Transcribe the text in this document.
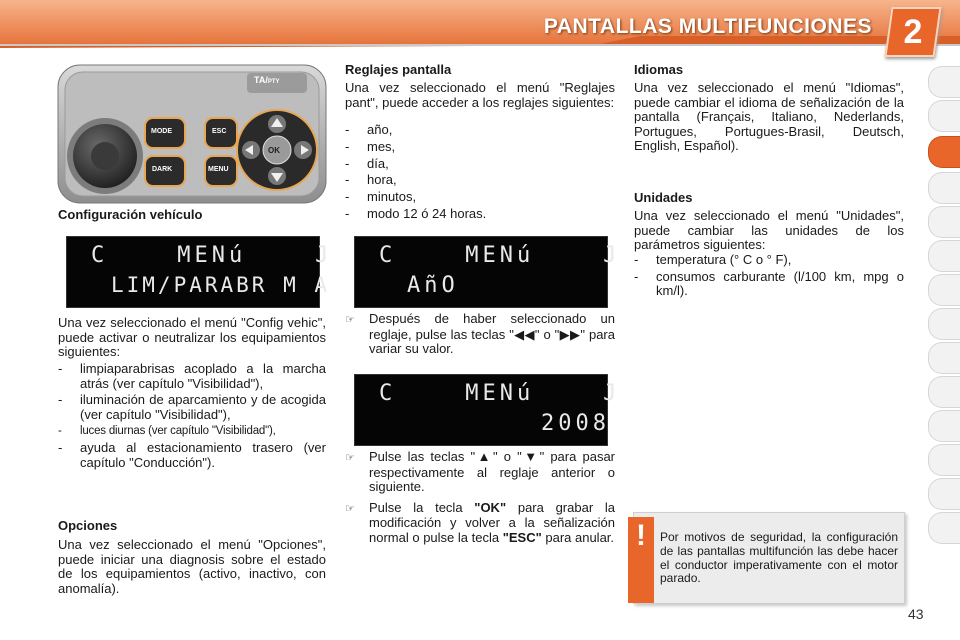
PANTALLAS MULTIFUNCIONES 2
TA/PTY
MODE
DARK
ESC
MENU
OK
Configuración vehículo
C    MENú    J
LIM/PARABR M A
Una vez seleccionado el menú "Config vehic", puede activar o neutralizar los equipamientos siguientes:
- limpiaparabrisas acoplado a la marcha atrás (ver capítulo "Visibilidad"),
- iluminación de aparcamiento y de acogida (ver capítulo "Visibilidad"),
- luces diurnas (ver capítulo "Visibilidad"),
- ayuda al estacionamiento trasero (ver capítulo "Conducción").
Opciones
Una vez seleccionado el menú "Opciones", puede iniciar una diagnosis sobre el estado de los equipamientos (activo, inactivo, con anomalía).
Reglajes pantalla
Una vez seleccionado el menú "Reglajes pant", puede acceder a los reglajes siguientes:
- año,
- mes,
- día,
- hora,
- minutos,
- modo 12 ó 24 horas.
C    MENú    J
AñO
☞ Después de haber seleccionado un reglaje, pulse las teclas "◀◀" o "▶▶" para variar su valor.
C    MENú    J
2008
☞ Pulse las teclas "▲" o "▼" para pasar respectivamente al reglaje anterior o siguiente.
☞ Pulse la tecla "OK" para grabar la modificación y volver a la señalización normal o pulse la tecla "ESC" para anular.
Idiomas
Una vez seleccionado el menú "Idiomas", puede cambiar el idioma de señalización de la pantalla (Français, Italiano, Nederlands, Portugues, Portugues-Brasil, Deutsch, English, Español).
Unidades
Una vez seleccionado el menú "Unidades", puede cambiar las unidades de los parámetros siguientes:
- temperatura (° C o ° F),
- consumos carburante (l/100 km, mpg o km/l).
!	Por motivos de seguridad, la configuración de las pantallas multifunción las debe hacer el conductor imperativamente con el motor parado.
43
